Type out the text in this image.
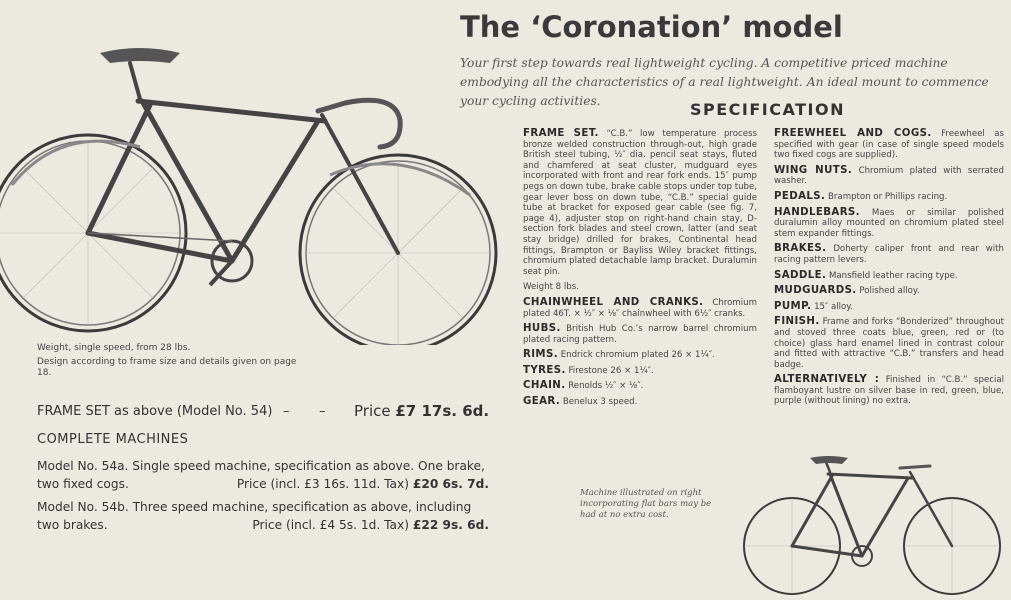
The ‘Coronation’ model
Your first step towards real lightweight cycling. A competitive priced machine embodying all the characteristics of a real lightweight. An ideal mount to commence your cycling activities.	SPECIFICATION

FRAME SET. “C.B.” low temperature process bronze welded construction through-out, high grade British steel tubing, ½″ dia. pencil seat stays, fluted and chamfered at seat cluster, mudguard eyes incorporated with front and rear fork ends. 15″ pump pegs on down tube, brake cable stops under top tube, gear lever boss on down tube, “C.B.” special guide tube at bracket for exposed gear cable (see fig. 7, page 4), adjuster stop on right-hand chain stay, D-section fork blades and steel crown, latter (and seat stay bridge) drilled for brakes, Continental head fittings, Brampton or Bayliss Wiley bracket fittings, chromium plated detachable lamp bracket. Duralumin seat pin.

Weight 8 lbs.

CHAINWHEEL AND CRANKS. Chromium plated 46T. × ½″ × ⅛″ chainwheel with 6½″ cranks.

HUBS. British Hub Co.’s narrow barrel chromium plated racing pattern.

RIMS. Endrick chromium plated 26 × 1¼″.

TYRES. Firestone 26 × 1¼″.

CHAIN. Renolds ½″ × ⅛″.

GEAR. Benelux 3 speed.

FREEWHEEL AND COGS. Freewheel as specified with gear (in case of single speed models two fixed cogs are supplied).

WING NUTS. Chromium plated with serrated washer.

PEDALS. Brampton or Phillips racing.

HANDLEBARS. Maes or similar polished duralumin alloy mounted on chromium plated steel stem expander fittings.

BRAKES. Doherty caliper front and rear with racing pattern levers.

SADDLE. Mansfield leather racing type.

MUDGUARDS. Polished alloy.

PUMP. 15″ alloy.

FINISH. Frame and forks “Bonderized” throughout and stoved three coats blue, green, red or (to choice) glass hard enamel lined in contrast colour and fitted with attractive “C.B.” transfers and head badge.

ALTERNATIVELY : Finished in “C.B.” special flamboyant lustre on silver base in red, green, blue, purple (without lining) no extra.

Weight, single speed, from 28 lbs.

Design according to frame size and details given on page 18.

FRAME SET as above (Model No. 54) – – Price £7 17s. 6d.
COMPLETE MACHINES
Model No. 54a. Single speed machine, specification as above. One brake,
two fixed cogs.	Price (incl. £3 16s. 11d. Tax) £20 6s. 7d.
Model No. 54b. Three speed machine, specification as above, including
two brakes.	Price (incl. £4 5s. 1d. Tax) £22 9s. 6d.
Machine illustrated on right incorporating flat bars may be had at no extra cost.
